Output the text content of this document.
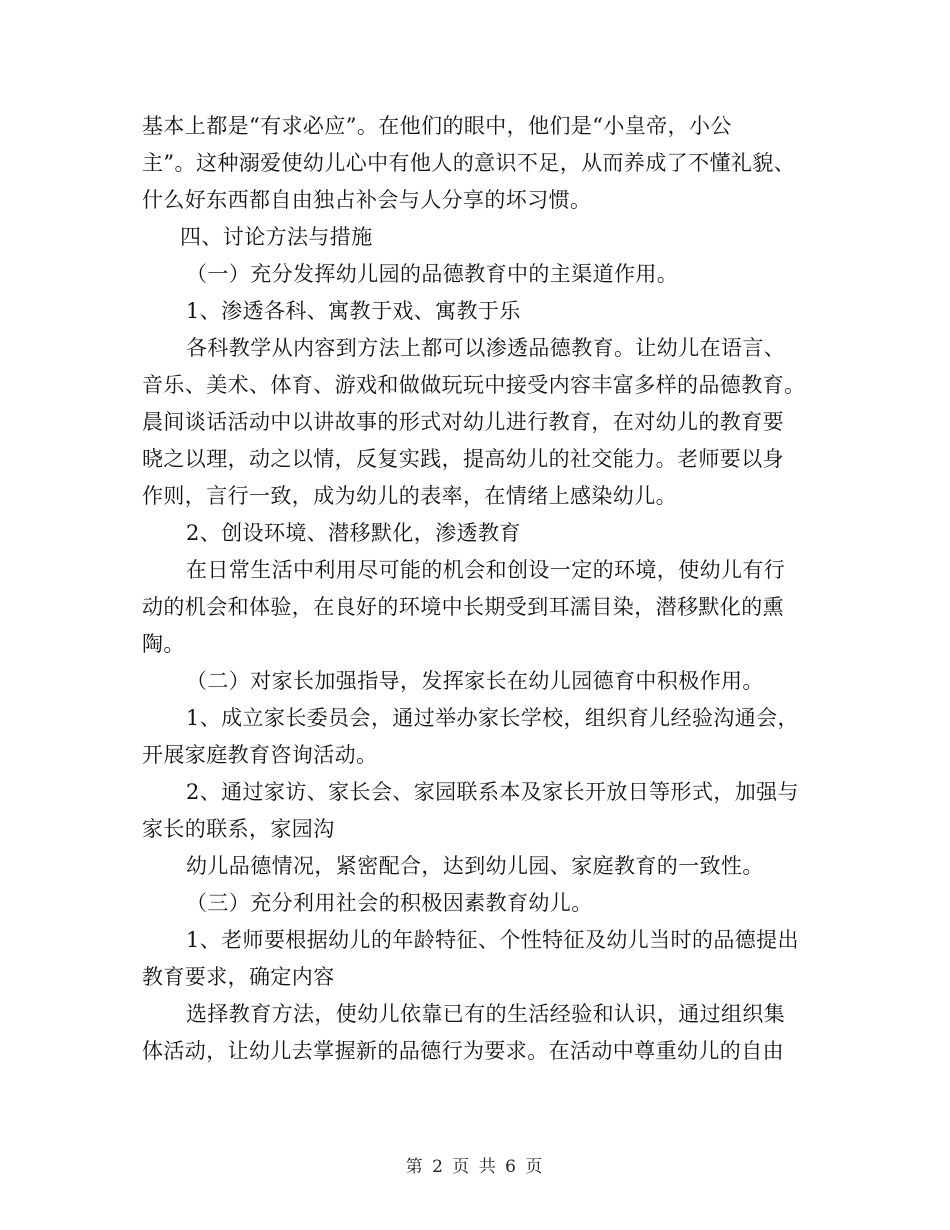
基本上都是“有求必应”。在他们的眼中，他们是“小皇帝，小公
主”。这种溺爱使幼儿心中有他人的意识不足，从而养成了不懂礼貌、
什么好东西都自由独占补会与人分享的坏习惯。
四、讨论方法与措施
（一）充分发挥幼儿园的品德教育中的主渠道作用。
1、渗透各科、寓教于戏、寓教于乐
各科教学从内容到方法上都可以渗透品德教育。让幼儿在语言、
音乐、美术、体育、游戏和做做玩玩中接受内容丰富多样的品德教育。
晨间谈话活动中以讲故事的形式对幼儿进行教育，在对幼儿的教育要
晓之以理，动之以情，反复实践，提高幼儿的社交能力。老师要以身
作则，言行一致，成为幼儿的表率，在情绪上感染幼儿。
2、创设环境、潜移默化，渗透教育
在日常生活中利用尽可能的机会和创设一定的环境，使幼儿有行
动的机会和体验，在良好的环境中长期受到耳濡目染，潜移默化的熏
陶。
（二）对家长加强指导，发挥家长在幼儿园德育中积极作用。
1、成立家长委员会，通过举办家长学校，组织育儿经验沟通会，
开展家庭教育咨询活动。
2、通过家访、家长会、家园联系本及家长开放日等形式，加强与
家长的联系，家园沟
幼儿品德情况，紧密配合，达到幼儿园、家庭教育的一致性。
（三）充分利用社会的积极因素教育幼儿。
1、老师要根据幼儿的年龄特征、个性特征及幼儿当时的品德提出
教育要求，确定内容
选择教育方法，使幼儿依靠已有的生活经验和认识，通过组织集
体活动，让幼儿去掌握新的品德行为要求。在活动中尊重幼儿的自由
第 2 页 共 6 页
